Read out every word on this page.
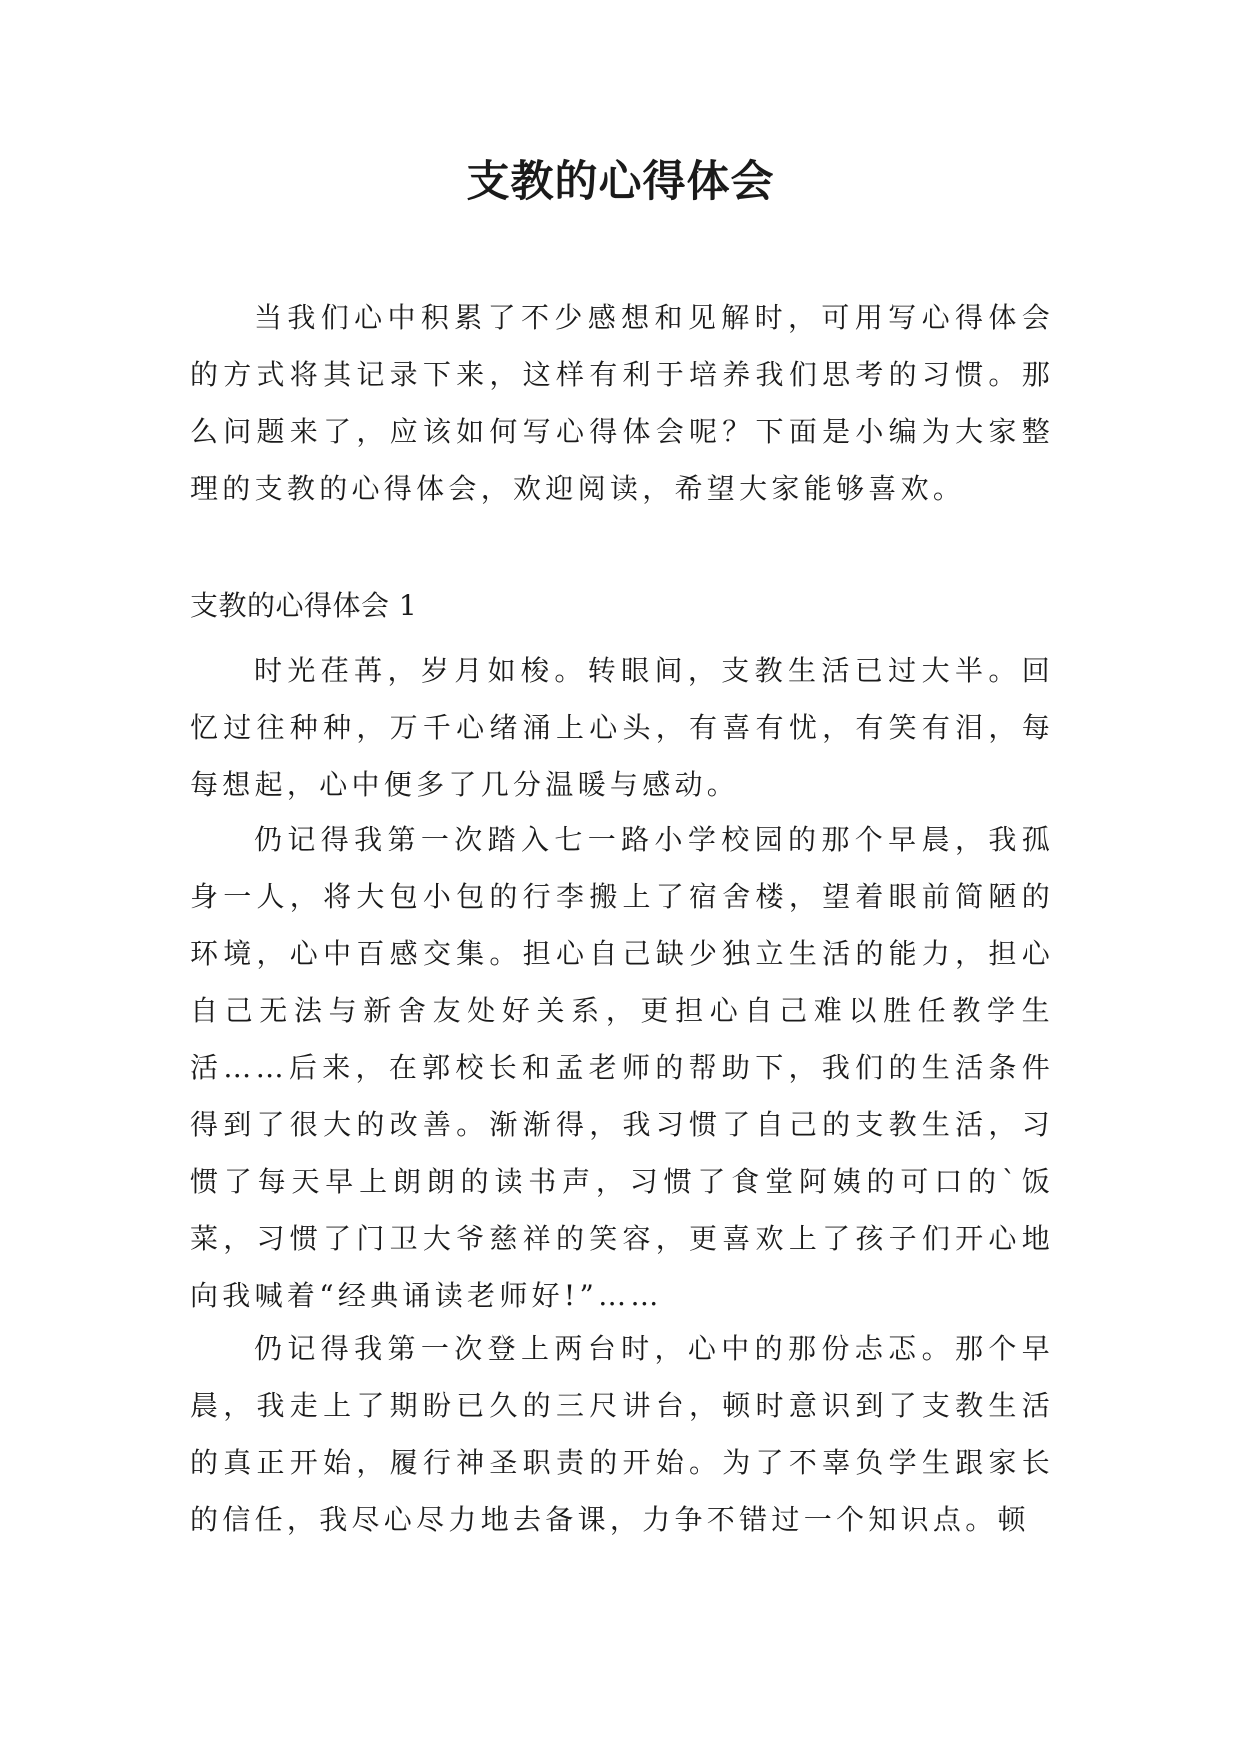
支教的心得体会

当我们心中积累了不少感想和见解时，可用写心得体会的方式将其记录下来，这样有利于培养我们思考的习惯。那么问题来了，应该如何写心得体会呢？下面是小编为大家整理的支教的心得体会，欢迎阅读，希望大家能够喜欢。

支教的心得体会 1

时光荏苒，岁月如梭。转眼间，支教生活已过大半。回忆过往种种，万千心绪涌上心头，有喜有忧，有笑有泪，每每想起，心中便多了几分温暖与感动。

仍记得我第一次踏入七一路小学校园的那个早晨，我孤身一人，将大包小包的行李搬上了宿舍楼，望着眼前简陋的环境，心中百感交集。担心自己缺少独立生活的能力，担心自己无法与新舍友处好关系，更担心自己难以胜任教学生活……后来，在郭校长和孟老师的帮助下，我们的生活条件得到了很大的改善。渐渐得，我习惯了自己的支教生活，习惯了每天早上朗朗的读书声，习惯了食堂阿姨的可口的`饭菜，习惯了门卫大爷慈祥的笑容，更喜欢上了孩子们开心地向我喊着“经典诵读老师好!”……

仍记得我第一次登上两台时，心中的那份忐忑。那个早晨，我走上了期盼已久的三尺讲台，顿时意识到了支教生活的真正开始，履行神圣职责的开始。为了不辜负学生跟家长的信任，我尽心尽力地去备课，力争不错过一个知识点。顿
